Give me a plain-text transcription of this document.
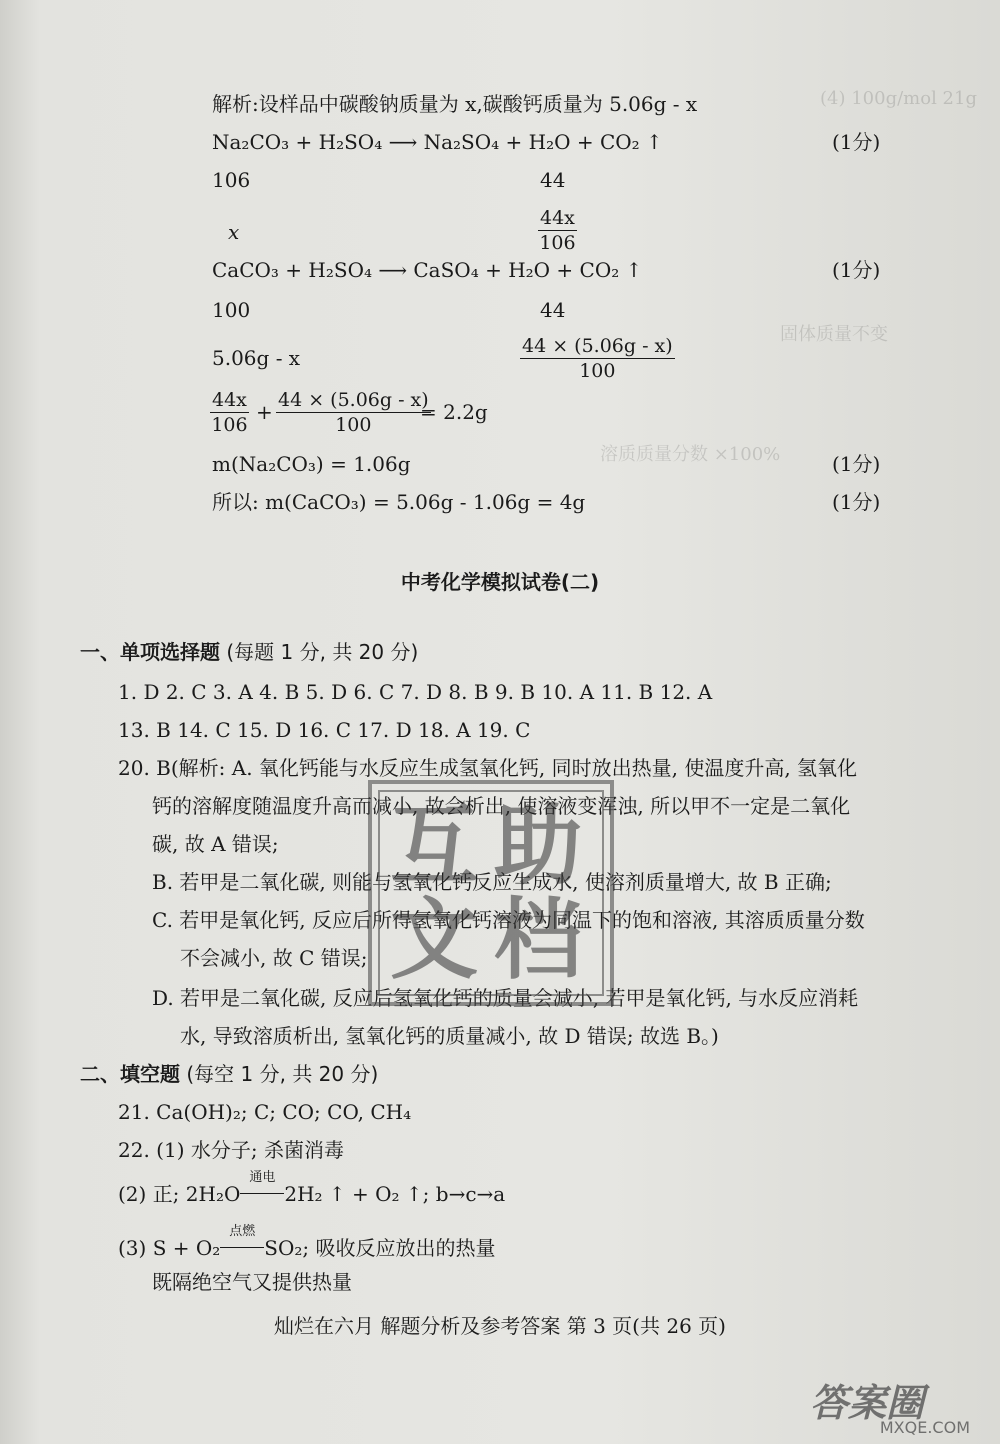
(4) 100g/mol 21g
固体质量不变
溶质质量分数 ×100%
解析:设样品中碳酸钠质量为 x,碳酸钙质量为 5.06g - x
Na₂CO₃ + H₂SO₄ ⟶ Na₂SO₄ + H₂O + CO₂ ↑	(1分)
106	44
x	$\frac{44x}{106}$
CaCO₃ + H₂SO₄ ⟶ CaSO₄ + H₂O + CO₂ ↑	(1分)
100	44
5.06g - x	$\frac{44 \times (5.06g - x)}{100}$
$\frac{44x}{106} + \frac{44 \times (5.06g - x)}{100}$
= 2.2g
m(Na₂CO₃) = 1.06g	(1分)
所以: m(CaCO₃) = 5.06g - 1.06g = 4g	(1分)
中考化学模拟试卷(二)
一、单项选择题 (每题 1 分, 共 20 分)
1. D 2. C 3. A 4. B 5. D 6. C 7. D 8. B 9. B 10. A 11. B 12. A
13. B 14. C 15. D 16. C 17. D 18. A 19. C
20. B(解析: A. 氧化钙能与水反应生成氢氧化钙, 同时放出热量, 使温度升高, 氢氧化
钙的溶解度随温度升高而减小, 故会析出, 使溶液变浑浊, 所以甲不一定是二氧化
碳, 故 A 错误;
B. 若甲是二氧化碳, 则能与氢氧化钙反应生成水, 使溶剂质量增大, 故 B 正确;
C. 若甲是氧化钙, 反应后所得氢氧化钙溶液为同温下的饱和溶液, 其溶质质量分数
不会减小, 故 C 错误;
D. 若甲是二氧化碳, 反应后氢氧化钙的质量会减小, 若甲是氧化钙, 与水反应消耗
水, 导致溶质析出, 氢氧化钙的质量减小, 故 D 错误; 故选 B。)
二、填空题 (每空 1 分, 共 20 分)
21. Ca(OH)₂; C; CO; CO, CH₄
22. (1) 水分子; 杀菌消毒
(2) 正; 2H₂O
通电
2H₂ ↑ + O₂ ↑; b→c→a
(3) S + O₂
点燃
SO₂; 吸收反应放出的热量
既隔绝空气又提供热量
灿烂在六月 解题分析及参考答案 第 3 页(共 26 页)
互 助
文 档
答案圈
MXQE.COM
